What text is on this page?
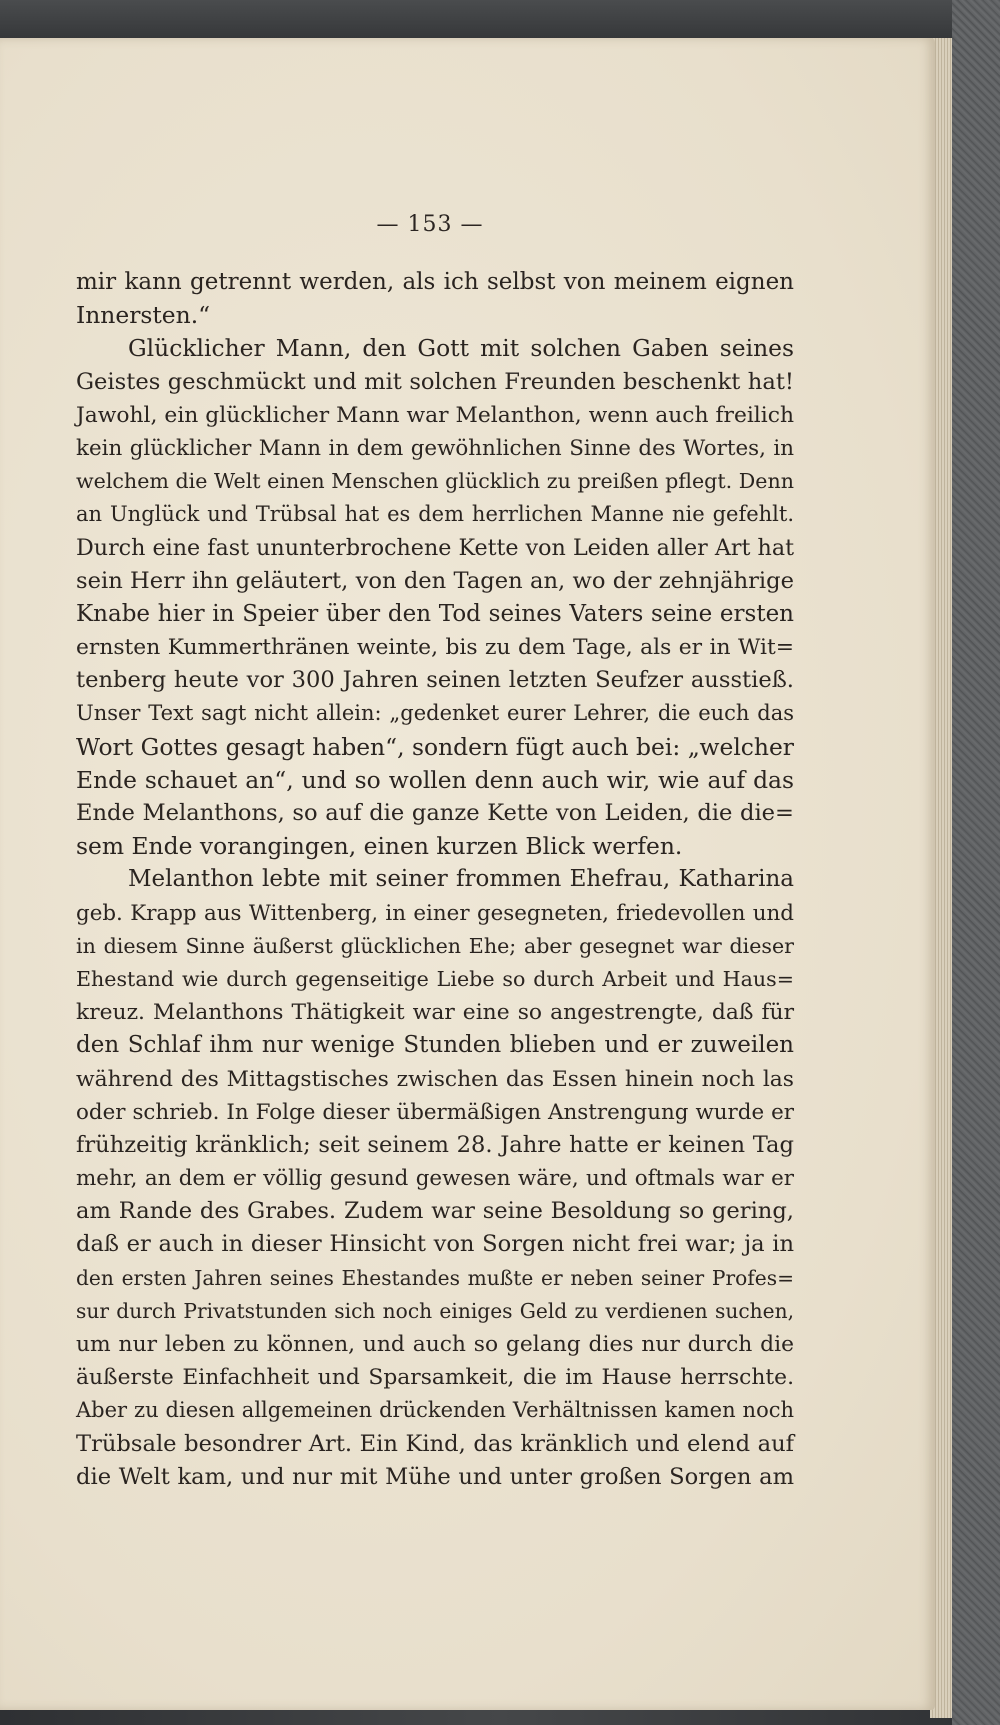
— 153 —
mir kann getrennt werden, als ich selbst von meinem eignen
Innersten.“
Glücklicher Mann, den Gott mit solchen Gaben seines
Geistes geschmückt und mit solchen Freunden beschenkt hat!
Jawohl, ein glücklicher Mann war Melanthon, wenn auch freilich
kein glücklicher Mann in dem gewöhnlichen Sinne des Wortes, in
welchem die Welt einen Menschen glücklich zu preißen pflegt. Denn
an Unglück und Trübsal hat es dem herrlichen Manne nie gefehlt.
Durch eine fast ununterbrochene Kette von Leiden aller Art hat
sein Herr ihn geläutert, von den Tagen an, wo der zehnjährige
Knabe hier in Speier über den Tod seines Vaters seine ersten
ernsten Kummerthränen weinte, bis zu dem Tage, als er in Wit=
tenberg heute vor 300 Jahren seinen letzten Seufzer ausstieß.
Unser Text sagt nicht allein: „gedenket eurer Lehrer, die euch das
Wort Gottes gesagt haben“, sondern fügt auch bei: „welcher
Ende schauet an“, und so wollen denn auch wir, wie auf das
Ende Melanthons, so auf die ganze Kette von Leiden, die die=
sem Ende vorangingen, einen kurzen Blick werfen.
Melanthon lebte mit seiner frommen Ehefrau, Katharina
geb. Krapp aus Wittenberg, in einer gesegneten, friedevollen und
in diesem Sinne äußerst glücklichen Ehe; aber gesegnet war dieser
Ehestand wie durch gegenseitige Liebe so durch Arbeit und Haus=
kreuz. Melanthons Thätigkeit war eine so angestrengte, daß für
den Schlaf ihm nur wenige Stunden blieben und er zuweilen
während des Mittagstisches zwischen das Essen hinein noch las
oder schrieb. In Folge dieser übermäßigen Anstrengung wurde er
frühzeitig kränklich; seit seinem 28. Jahre hatte er keinen Tag
mehr, an dem er völlig gesund gewesen wäre, und oftmals war er
am Rande des Grabes. Zudem war seine Besoldung so gering,
daß er auch in dieser Hinsicht von Sorgen nicht frei war; ja in
den ersten Jahren seines Ehestandes mußte er neben seiner Profes=
sur durch Privatstunden sich noch einiges Geld zu verdienen suchen,
um nur leben zu können, und auch so gelang dies nur durch die
äußerste Einfachheit und Sparsamkeit, die im Hause herrschte.
Aber zu diesen allgemeinen drückenden Verhältnissen kamen noch
Trübsale besondrer Art. Ein Kind, das kränklich und elend auf
die Welt kam, und nur mit Mühe und unter großen Sorgen am
